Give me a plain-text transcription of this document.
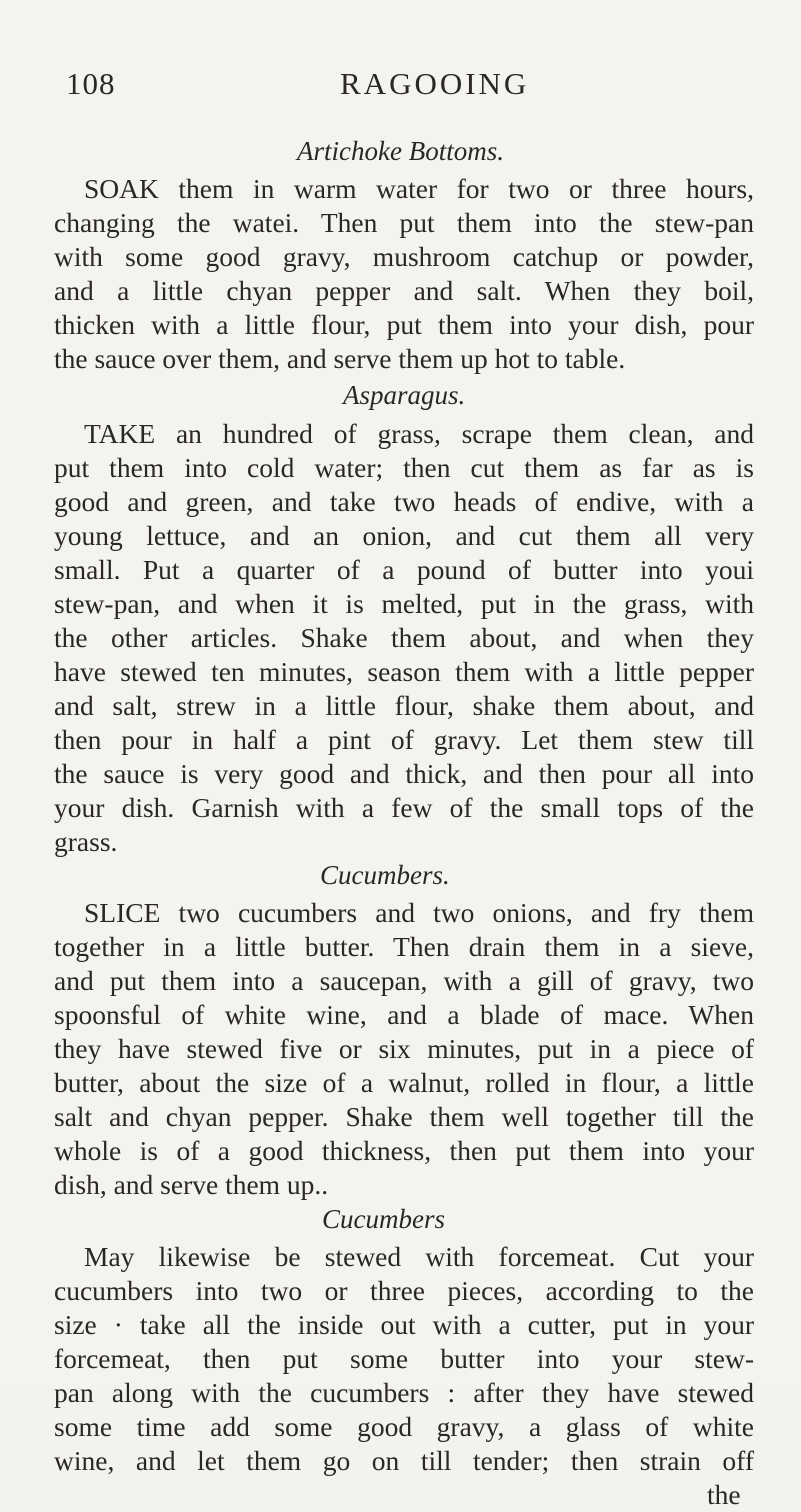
108	RAGOOING
Artichoke Bottoms.
SOAK them in warm water for two or three hours,
changing the watei. Then put them into the stew-pan
with some good gravy, mushroom catchup or powder,
and a little chyan pepper and salt. When they boil,
thicken with a little flour, put them into your dish, pour
the sauce over them, and serve them up hot to table.
Asparagus.
TAKE an hundred of grass, scrape them clean, and
put them into cold water; then cut them as far as is
good and green, and take two heads of endive, with a
young lettuce, and an onion, and cut them all very
small. Put a quarter of a pound of butter into youi
stew-pan, and when it is melted, put in the grass, with
the other articles. Shake them about, and when they
have stewed ten minutes, season them with a little pepper
and salt, strew in a little flour, shake them about, and
then pour in half a pint of gravy. Let them stew till
the sauce is very good and thick, and then pour all into
your dish. Garnish with a few of the small tops of the
grass.
Cucumbers.
SLICE two cucumbers and two onions, and fry them
together in a little butter. Then drain them in a sieve,
and put them into a saucepan, with a gill of gravy, two
spoonsful of white wine, and a blade of mace. When
they have stewed five or six minutes, put in a piece of
butter, about the size of a walnut, rolled in flour, a little
salt and chyan pepper. Shake them well together till the
whole is of a good thickness, then put them into your
dish, and serve them up..
Cucumbers
May likewise be stewed with forcemeat. Cut your
cucumbers into two or three pieces, according to the
size · take all the inside out with a cutter, put in your
forcemeat, then put some butter into your stew-
pan along with the cucumbers : after they have stewed
some time add some good gravy, a glass of white
wine, and let them go on till tender; then strain off
the
